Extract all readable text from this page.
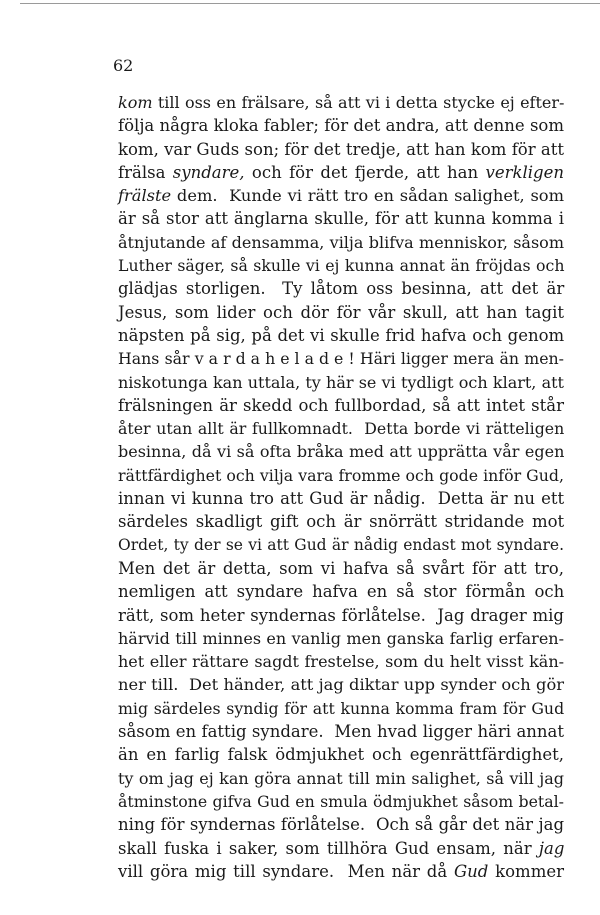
62
kom till oss en frälsare, så att vi i detta stycke ej efter-
följa några kloka fabler; för det andra, att denne som
kom, var Guds son; för det tredje, att han kom för att
frälsa syndare, och för det fjerde, att han verkligen
frälste dem.  Kunde vi rätt tro en sådan salighet, som
är så stor att änglarna skulle, för att kunna komma i
åtnjutande af densamma, vilja blifva menniskor, såsom
Luther säger, så skulle vi ej kunna annat än fröjdas och
glädjas storligen.  Ty låtom oss besinna, att det är
Jesus, som lider och dör för vår skull, att han tagit
näpsten på sig, på det vi skulle frid hafva och genom
Hans sår vardahelade! Häri ligger mera än men-
niskotunga kan uttala, ty här se vi tydligt och klart, att
frälsningen är skedd och fullbordad, så att intet står
åter utan allt är fullkomnadt.  Detta borde vi rätteligen
besinna, då vi så ofta bråka med att upprätta vår egen
rättfärdighet och vilja vara fromme och gode inför Gud,
innan vi kunna tro att Gud är nådig.  Detta är nu ett
särdeles skadligt gift och är snörrätt stridande mot
Ordet, ty der se vi att Gud är nådig endast mot syndare.
Men det är detta, som vi hafva så svårt för att tro,
nemligen att syndare hafva en så stor förmån och
rätt, som heter syndernas förlåtelse.  Jag drager mig
härvid till minnes en vanlig men ganska farlig erfaren-
het eller rättare sagdt frestelse, som du helt visst kän-
ner till.  Det händer, att jag diktar upp synder och gör
mig särdeles syndig för att kunna komma fram för Gud
såsom en fattig syndare.  Men hvad ligger häri annat
än en farlig falsk ödmjukhet och egenrättfärdighet,
ty om jag ej kan göra annat till min salighet, så vill jag
åtminstone gifva Gud en smula ödmjukhet såsom betal-
ning för syndernas förlåtelse.  Och så går det när jag
skall fuska i saker, som tillhöra Gud ensam, när jag
vill göra mig till syndare.  Men när då Gud kommer
